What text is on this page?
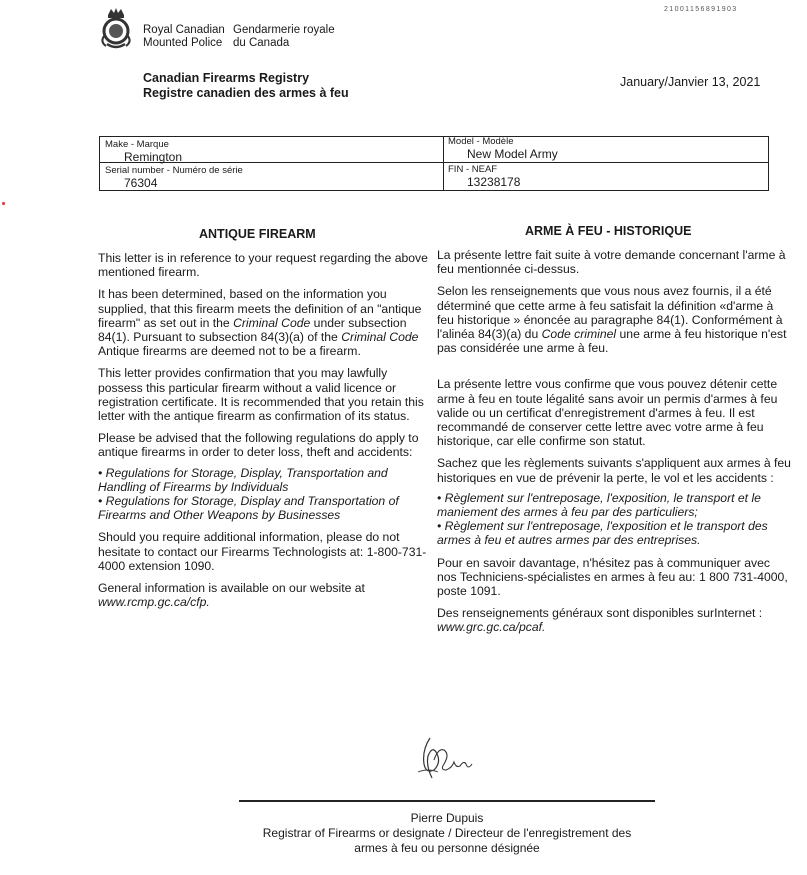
21001156891903
Royal Canadian
Mounted Police
Gendarmerie royale
du Canada
Canadian Firearms Registry
Registre canadien des armes à feu
January/Janvier 13, 2021
Make - Marque
Remington
Model - Modèle
New Model Army
Serial number - Numéro de série
76304
FIN - NEAF
13238178
ANTIQUE FIREARM	ARME À FEU - HISTORIQUE

This letter is in reference to your request regarding the above mentioned firearm.

It has been determined, based on the information you supplied, that this firearm meets the definition of an "antique firearm" as set out in the Criminal Code under subsection 84(1). Pursuant to subsection 84(3)(a) of the Criminal Code Antique firearms are deemed not to be a firearm.

This letter provides confirmation that you may lawfully possess this particular firearm without a valid licence or registration certificate. It is recommended that you retain this letter with the antique firearm as confirmation of its status.

Please be advised that the following regulations do apply to antique firearms in order to deter loss, theft and accidents:

• Regulations for Storage, Display, Transportation and Handling of Firearms by Individuals
• Regulations for Storage, Display and Transportation of Firearms and Other Weapons by Businesses

Should you require additional information, please do not hesitate to contact our Firearms Technologists at: 1-800-731-4000 extension 1090.

General information is available on our website at
www.rcmp.gc.ca/cfp.

La présente lettre fait suite à votre demande concernant l'arme à feu mentionnée ci-dessus.

Selon les renseignements que vous nous avez fournis, il a été déterminé que cette arme à feu satisfait la définition «d'arme à feu historique » énoncée au paragraphe 84(1). Conformément à l'alinéa 84(3)(a) du Code criminel une arme à feu historique n'est pas considérée une arme à feu.

La présente lettre vous confirme que vous pouvez détenir cette arme à feu en toute légalité sans avoir un permis d'armes à feu valide ou un certificat d'enregistrement d'armes à feu. Il est recommandé de conserver cette lettre avec votre arme à feu historique, car elle confirme son statut.

Sachez que les règlements suivants s'appliquent aux armes à feu historiques en vue de prévenir la perte, le vol et les accidents :

• Règlement sur l'entreposage, l'exposition, le transport et le maniement des armes à feu par des particuliers;
• Règlement sur l'entreposage, l'exposition et le transport des armes à feu et autres armes par des entreprises.

Pour en savoir davantage, n'hésitez pas à communiquer avec nos Techniciens-spécialistes en armes à feu au: 1 800 731-4000, poste 1091.

Des renseignements généraux sont disponibles surInternet :
www.grc.gc.ca/pcaf.

Pierre Dupuis
Registrar of Firearms or designate / Directeur de l'enregistrement des
armes à feu ou personne désignée
